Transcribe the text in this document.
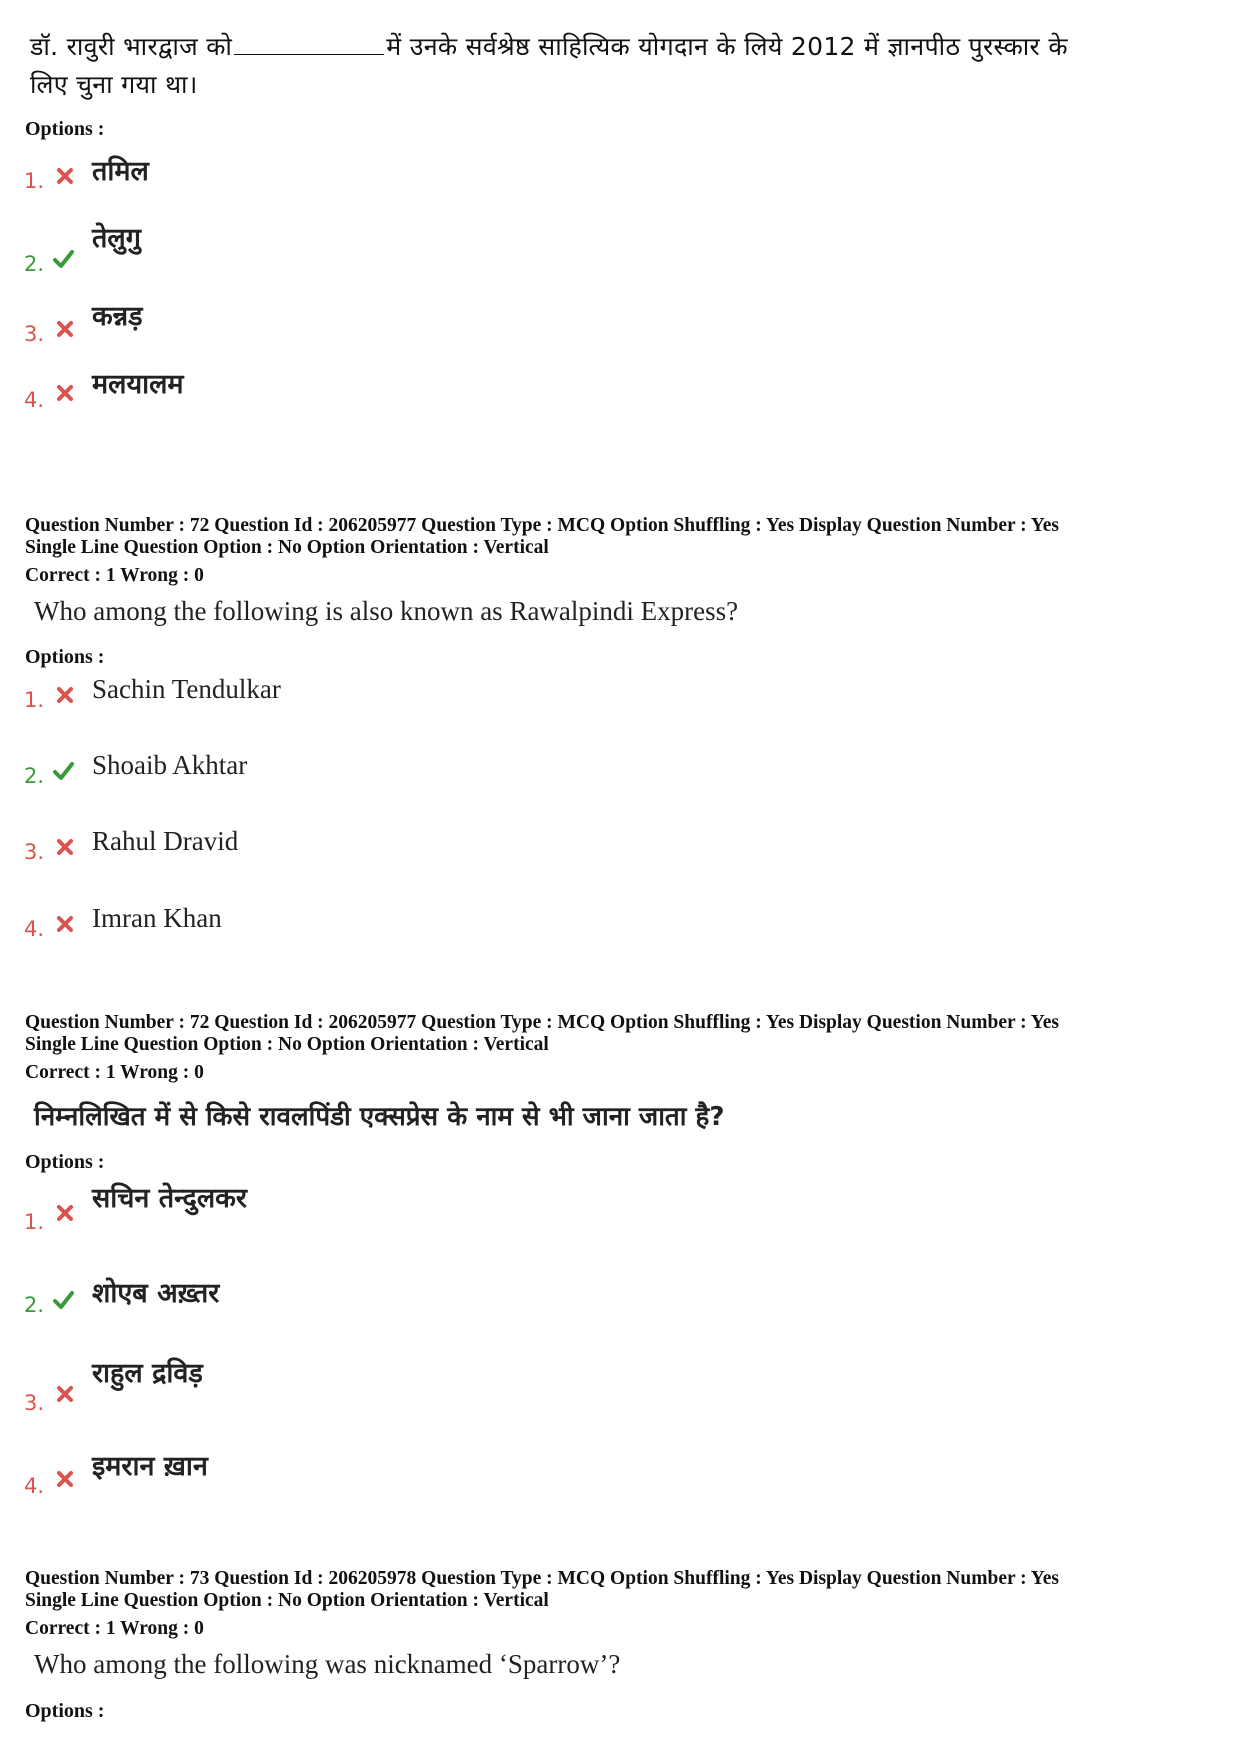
डॉ. रावुरी भारद्वाज को	में उनके सर्वश्रेष्ठ साहित्यिक योगदान के लिये 2012 में ज्ञानपीठ पुरस्कार के
लिए चुना गया था।
Options :
1. तमिल
2.
तेलुगु
3.
कन्नड़
4. मलयालम
Question Number : 72 Question Id : 206205977 Question Type : MCQ Option Shuffling : Yes Display Question Number : Yes
Single Line Question Option : No Option Orientation : Vertical
Correct : 1 Wrong : 0
Who among the following is also known as Rawalpindi Express?
Options :
1. Sachin Tendulkar
2. Shoaib Akhtar
3. Rahul Dravid
4. Imran Khan
Question Number : 72 Question Id : 206205977 Question Type : MCQ Option Shuffling : Yes Display Question Number : Yes
Single Line Question Option : No Option Orientation : Vertical
Correct : 1 Wrong : 0
निम्नलिखित में से किसे रावलपिंडी एक्सप्रेस के नाम से भी जाना जाता है?
Options :
1.
सचिन तेन्दुलकर
2. शोएब अख़्तर
3.
राहुल द्रविड़
4.
इमरान ख़ान
Question Number : 73 Question Id : 206205978 Question Type : MCQ Option Shuffling : Yes Display Question Number : Yes
Single Line Question Option : No Option Orientation : Vertical
Correct : 1 Wrong : 0
Who among the following was nicknamed ‘Sparrow’?
Options :
